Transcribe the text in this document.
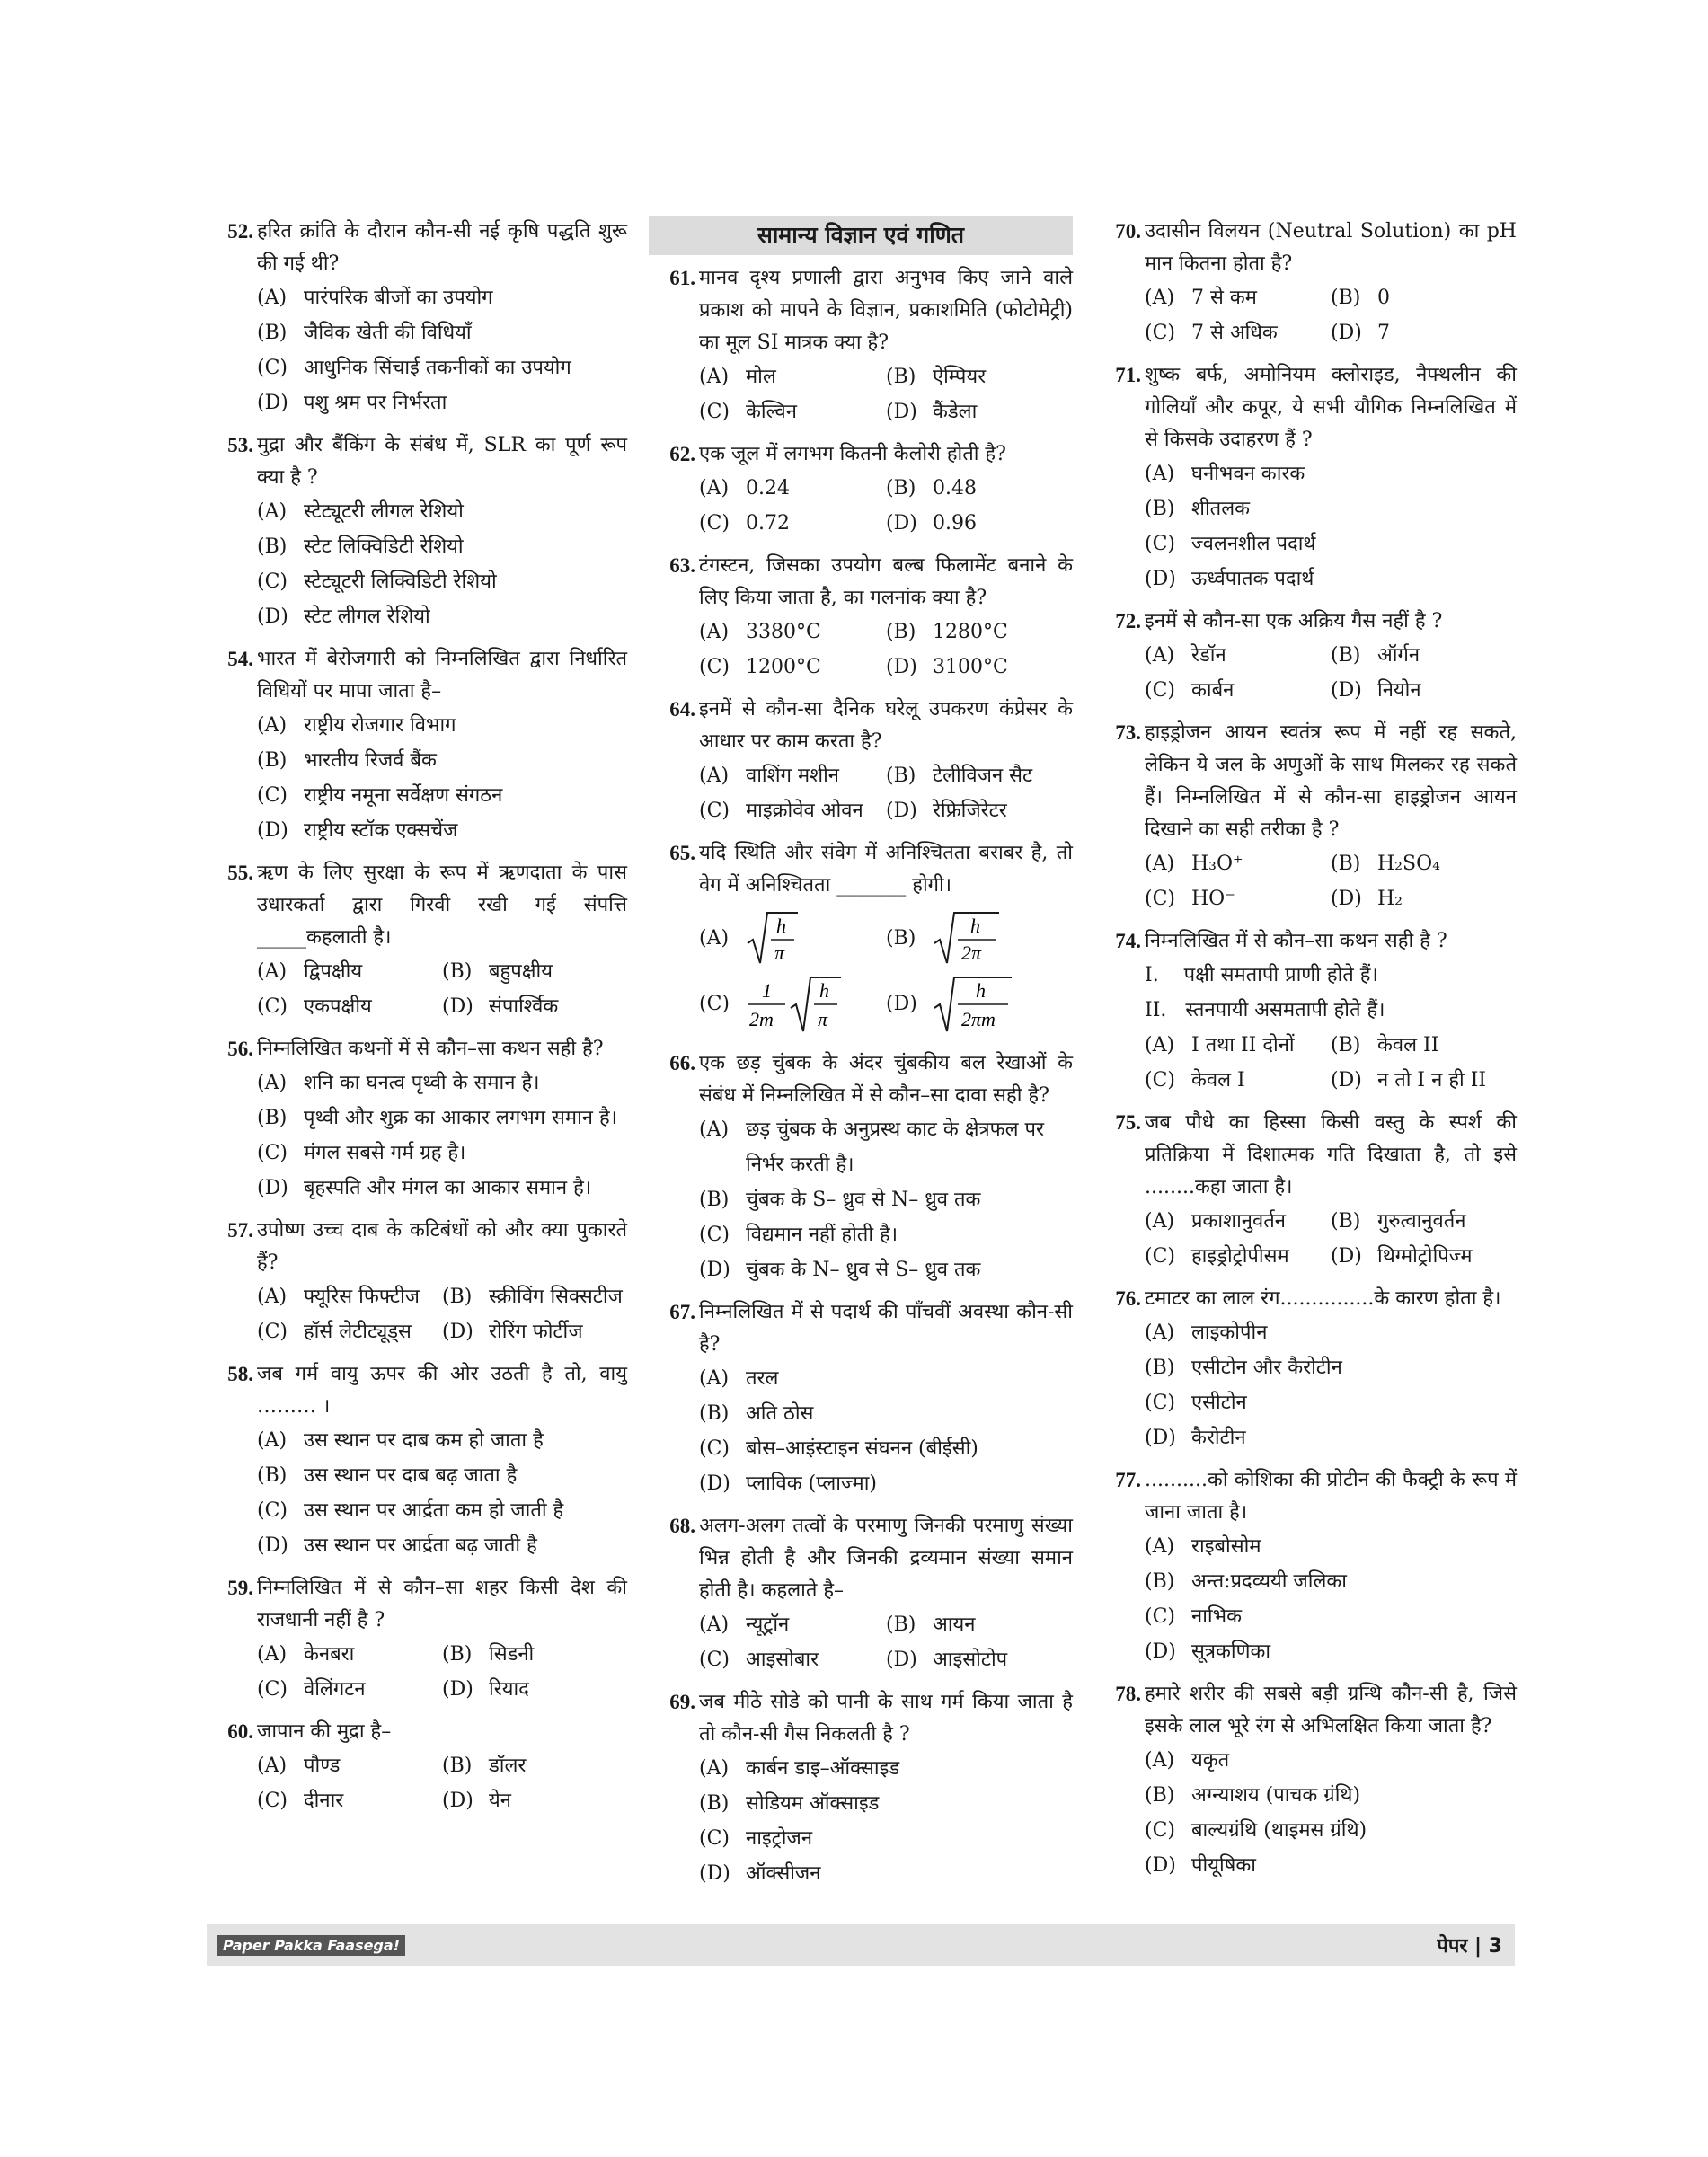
52. हरित क्रांति के दौरान कौन-सी नई कृषि पद्धति शुरू की गई थी?
(A) पारंपरिक बीजों का उपयोग
(B) जैविक खेती की विधियाँ
(C) आधुनिक सिंचाई तकनीकों का उपयोग
(D) पशु श्रम पर निर्भरता
53. मुद्रा और बैंकिंग के संबंध में, SLR का पूर्ण रूप क्या है ?
(A) स्टेट्यूटरी लीगल रेशियो
(B) स्टेट लिक्विडिटी रेशियो
(C) स्टेट्यूटरी लिक्विडिटी रेशियो
(D) स्टेट लीगल रेशियो
54. भारत में बेरोजगारी को निम्नलिखित द्वारा निर्धारित विधियों पर मापा जाता है–
(A) राष्ट्रीय रोजगार विभाग
(B) भारतीय रिजर्व बैंक
(C) राष्ट्रीय नमूना सर्वेक्षण संगठन
(D) राष्ट्रीय स्टॉक एक्सचेंज
55. ऋण के लिए सुरक्षा के रूप में ऋणदाता के पास उधारकर्ता द्वारा गिरवी रखी गई संपत्ति _____कहलाती है।
(A) द्विपक्षीय	(B) बहुपक्षीय
(C) एकपक्षीय	(D) संपार्श्विक
56. निम्नलिखित कथनों में से कौन–सा कथन सही है?
(A) शनि का घनत्व पृथ्वी के समान है।
(B) पृथ्वी और शुक्र का आकार लगभग समान है।
(C) मंगल सबसे गर्म ग्रह है।
(D) बृहस्पति और मंगल का आकार समान है।
57. उपोष्ण उच्च दाब के कटिबंधों को और क्या पुकारते हैं?
(A) फ्यूरिस फिफ्टीज	(B) स्क्रीविंग सिक्सटीज
(C) हॉर्स लेटीट्यूड्स	(D) रोरिंग फोर्टीज
58. जब गर्म वायु ऊपर की ओर उठती है तो, वायु ……… ।
(A) उस स्थान पर दाब कम हो जाता है
(B) उस स्थान पर दाब बढ़ जाता है
(C) उस स्थान पर आर्द्रता कम हो जाती है
(D) उस स्थान पर आर्द्रता बढ़ जाती है
59. निम्नलिखित में से कौन–सा शहर किसी देश की राजधानी नहीं है ?
(A) केनबरा	(B) सिडनी
(C) वेलिंगटन	(D) रियाद
60. जापान की मुद्रा है–
(A) पौण्ड	(B) डॉलर
(C) दीनार	(D) येन
सामान्य विज्ञान एवं गणित
61. मानव दृश्य प्रणाली द्वारा अनुभव किए जाने वाले प्रकाश को मापने के विज्ञान, प्रकाशमिति (फोटोमेट्री) का मूल SI मात्रक क्या है?
(A) मोल	(B) ऐम्पियर
(C) केल्विन	(D) कैंडेला
62. एक जूल में लगभग कितनी कैलोरी होती है?
(A) 0.24	(B) 0.48
(C) 0.72	(D) 0.96
63. टंगस्टन, जिसका उपयोग बल्ब फिलामेंट बनाने के लिए किया जाता है, का गलनांक क्या है?
(A) 3380°C	(B) 1280°C
(C) 1200°C	(D) 3100°C
64. इनमें से कौन-सा दैनिक घरेलू उपकरण कंप्रेसर के आधार पर काम करता है?
(A) वाशिंग मशीन	(B) टेलीविजन सैट
(C) माइक्रोवेव ओवन	(D) रेफ्रिजिरेटर
65. यदि स्थिति और संवेग में अनिश्चितता बराबर है, तो वेग में अनिश्चितता _______ होगी।
(A)
h
π
(B)
h
2π
(C)
1
2m
h
π
(D)
h
2πm
66. एक छड़ चुंबक के अंदर चुंबकीय बल रेखाओं के संबंध में निम्नलिखित में से कौन–सा दावा सही है?
(A) छड़ चुंबक के अनुप्रस्थ काट के क्षेत्रफल पर निर्भर करती है।
(B) चुंबक के S– ध्रुव से N– ध्रुव तक
(C) विद्यमान नहीं होती है।
(D) चुंबक के N– ध्रुव से S– ध्रुव तक
67. निम्नलिखित में से पदार्थ की पाँचवीं अवस्था कौन-सी है?
(A) तरल
(B) अति ठोस
(C) बोस–आइंस्टाइन संघनन (बीईसी)
(D) प्लाविक (प्लाज्मा)
68. अलग-अलग तत्वों के परमाणु जिनकी परमाणु संख्या भिन्न होती है और जिनकी द्रव्यमान संख्या समान होती है। कहलाते है–
(A) न्यूट्रॉन	(B) आयन
(C) आइसोबार	(D) आइसोटोप
69. जब मीठे सोडे को पानी के साथ गर्म किया जाता है तो कौन-सी गैस निकलती है ?
(A) कार्बन डाइ–ऑक्साइड
(B) सोडियम ऑक्साइड
(C) नाइट्रोजन
(D) ऑक्सीजन
70. उदासीन विलयन (Neutral Solution) का pH मान कितना होता है?
(A) 7 से कम	(B) 0
(C) 7 से अधिक	(D) 7
71. शुष्क बर्फ, अमोनियम क्लोराइड, नैफ्थलीन की गोलियाँ और कपूर, ये सभी यौगिक निम्नलिखित में से किसके उदाहरण हैं ?
(A) घनीभवन कारक
(B) शीतलक
(C) ज्वलनशील पदार्थ
(D) ऊर्ध्वपातक पदार्थ
72. इनमें से कौन-सा एक अक्रिय गैस नहीं है ?
(A) रेडॉन	(B) ऑर्गन
(C) कार्बन	(D) नियोन
73. हाइड्रोजन आयन स्वतंत्र रूप में नहीं रह सकते, लेकिन ये जल के अणुओं के साथ मिलकर रह सकते हैं। निम्नलिखित में से कौन-सा हाइड्रोजन आयन दिखाने का सही तरीका है ?
(A) H₃O⁺	(B) H₂SO₄
(C) HO⁻	(D) H₂
74. निम्नलिखित में से कौन–सा कथन सही है ?
I.    पक्षी समतापी प्राणी होते हैं।
II.   स्तनपायी असमतापी होते हैं।
(A) I तथा II दोनों	(B) केवल II
(C) केवल I	(D) न तो I न ही II
75. जब पौधे का हिस्सा किसी वस्तु के स्पर्श की प्रतिक्रिया में दिशात्मक गति दिखाता है, तो इसे ........कहा जाता है।
(A) प्रकाशानुवर्तन	(B) गुरुत्वानुवर्तन
(C) हाइड्रोट्रोपीसम	(D) थिग्मोट्रोपिज्म
76. टमाटर का लाल रंग...............के कारण होता है।
(A) लाइकोपीन
(B) एसीटोन और कैरोटीन
(C) एसीटोन
(D) कैरोटीन
77. ..........को कोशिका की प्रोटीन की फैक्ट्री के रूप में जाना जाता है।
(A) राइबोसोम
(B) अन्त:प्रदव्ययी जलिका
(C) नाभिक
(D) सूत्रकणिका
78. हमारे शरीर की सबसे बड़ी ग्रन्थि कौन-सी है, जिसे इसके लाल भूरे रंग से अभिलक्षित किया जाता है?
(A) यकृत
(B) अग्न्याशय (पाचक ग्रंथि)
(C) बाल्यग्रंथि (थाइमस ग्रंथि)
(D) पीयूषिका
Paper Pakka Faasega!	पेपर | 3
